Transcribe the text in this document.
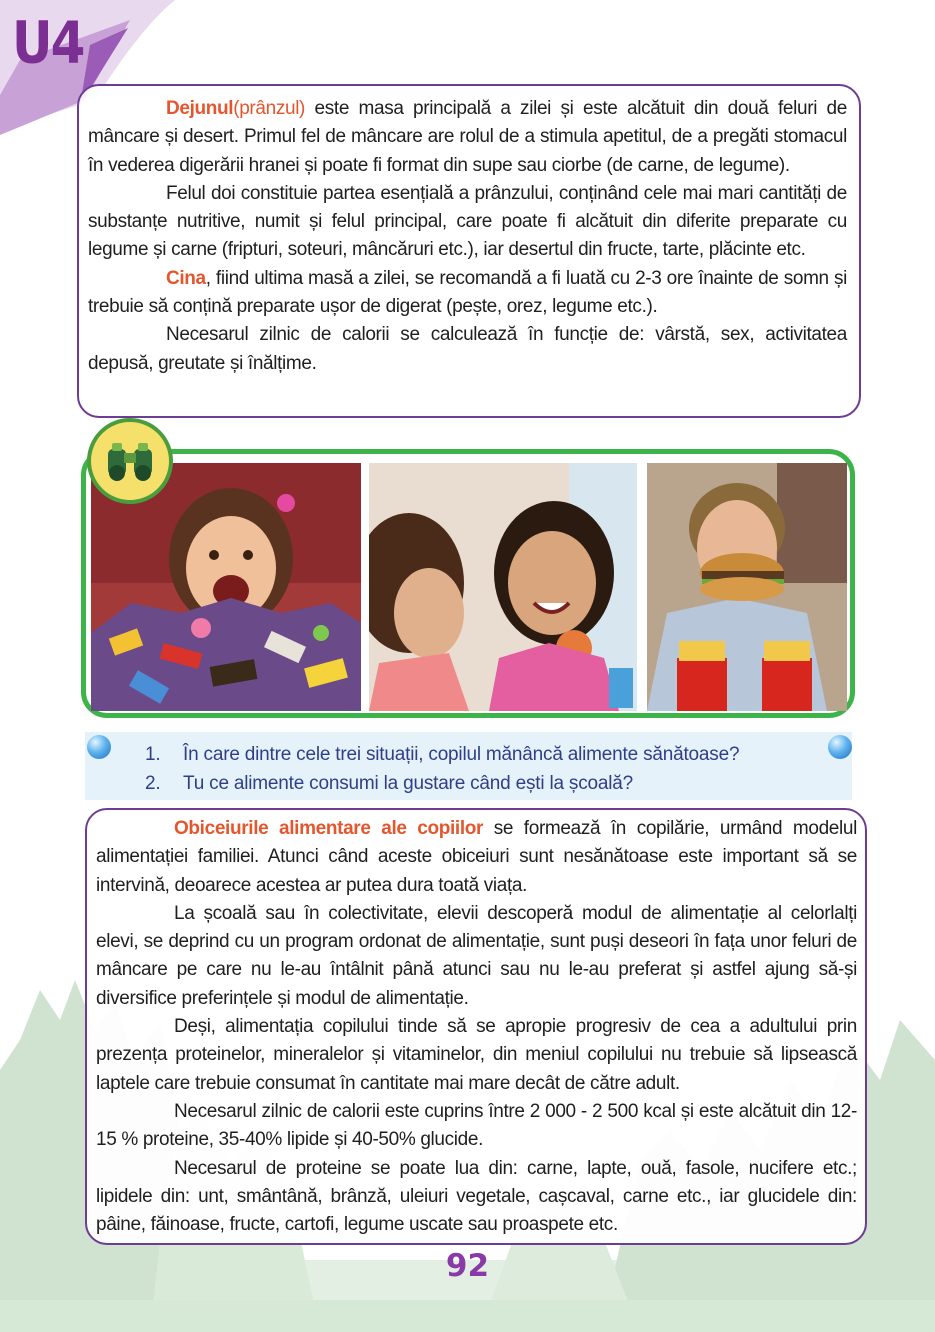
U4

Dejunul(prânzul) este masa principală a zilei și este alcătuit din două feluri de mâncare și desert. Primul fel de mâncare are rolul de a stimula apetitul, de a pregăti stomacul în vederea digerării hranei și poate fi format din supe sau ciorbe (de carne, de legume).

Felul doi constituie partea esențială a prânzului, conținând cele mai mari cantități de substanțe nutritive, numit și felul principal, care poate fi alcătuit din diferite preparate cu legume și carne (fripturi, soteuri, mâncăruri etc.), iar desertul din fructe, tarte, plăcinte etc.

Cina, fiind ultima masă a zilei, se recomandă a fi luată cu 2-3 ore înainte de somn și trebuie să conțină preparate ușor de digerat (pește, orez, legume etc.).

Necesarul zilnic de calorii se calculează în funcție de: vârstă, sex, activitatea depusă, greutate și înălțime.

1. În care dintre cele trei situații, copilul mănâncă alimente sănătoase?
2. Tu ce alimente consumi la gustare când ești la școală?

Obiceiurile alimentare ale copiilor se formează în copilărie, urmând modelul alimentației familiei. Atunci când aceste obiceiuri sunt nesănătoase este important să se intervină, deoarece acestea ar putea dura toată viața.

La școală sau în colectivitate, elevii descoperă modul de alimentație al celorlalți elevi, se deprind cu un program ordonat de alimentație, sunt puși deseori în fața unor feluri de mâncare pe care nu le-au întâlnit până atunci sau nu le-au preferat și astfel ajung să-și diversifice preferințele și modul de alimentație.

Deși, alimentația copilului tinde să se apropie progresiv de cea a adultului prin prezența proteinelor, mineralelor și vitaminelor, din meniul copilului nu trebuie să lipsească laptele care trebuie consumat în cantitate mai mare decât de către adult.

Necesarul zilnic de calorii este cuprins între 2 000 - 2 500 kcal și este alcătuit din 12-15 % proteine, 35-40% lipide și 40-50% glucide.

Necesarul de proteine se poate lua din: carne, lapte, ouă, fasole, nucifere etc.; lipidele din: unt, smântână, brânză, uleiuri vegetale, cașcaval, carne etc., iar glucidele din: pâine, făinoase, fructe, cartofi, legume uscate sau proaspete etc.

92
